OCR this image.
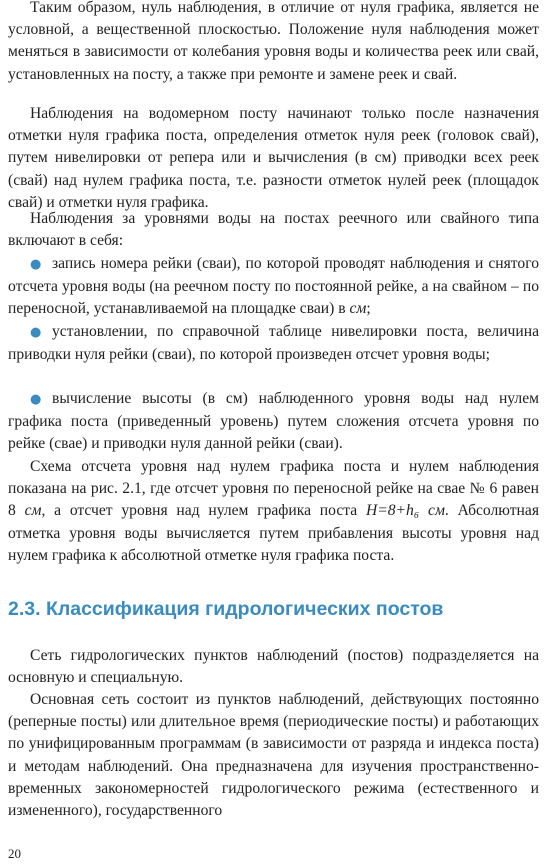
Таким образом, нуль наблюдения, в отличие от нуля графика, является не условной, а вещественной плоскостью. Положение нуля наблюдения может меняться в зависимости от колебания уровня воды и количества реек или свай, установленных на посту, а также при ремонте и замене реек и свай.

Наблюдения на водомерном посту начинают только после назначения отметки нуля графика поста, определения отметок нуля реек (головок свай), путем нивелировки от репера или и вычисления (в см) приводки всех реек (свай) над нулем графика поста, т.е. разности отметок нулей реек (площадок свай) и отметки нуля графика.

Наблюдения за уровнями воды на постах реечного или свайного типа включают в себя:

● запись номера рейки (сваи), по которой проводят наблюдения и снятого отсчета уровня воды (на реечном посту по постоянной рейке, а на свайном – по переносной, устанавливаемой на площадке сваи) в см;

● установлении, по справочной таблице нивелировки поста, величина приводки нуля рейки (сваи), по которой произведен отсчет уровня воды;

● вычисление высоты (в см) наблюденного уровня воды над нулем графика поста (приведенный уровень) путем сложения отсчета уровня по рейке (свае) и приводки нуля данной рейки (сваи).

Схема отсчета уровня над нулем графика поста и нулем наблюдения показана на рис. 2.1, где отсчет уровня по переносной рейке на свае № 6 равен 8 см, а отсчет уровня над нулем графика поста H=8+h₆ см. Абсолютная отметка уровня воды вычисляется путем прибавления высоты уровня над нулем графика к абсолютной отметке нуля графика поста.

2.3. Классификация гидрологических постов

Сеть гидрологических пунктов наблюдений (постов) подразделяется на основную и специальную.

Основная сеть состоит из пунктов наблюдений, действующих постоянно (реперные посты) или длительное время (периодические посты) и работающих по унифицированным программам (в зависимости от разряда и индекса поста) и методам наблюдений. Она предназначена для изучения пространственно-временных закономерностей гидрологического режима (естественного и измененного), государственного

20
